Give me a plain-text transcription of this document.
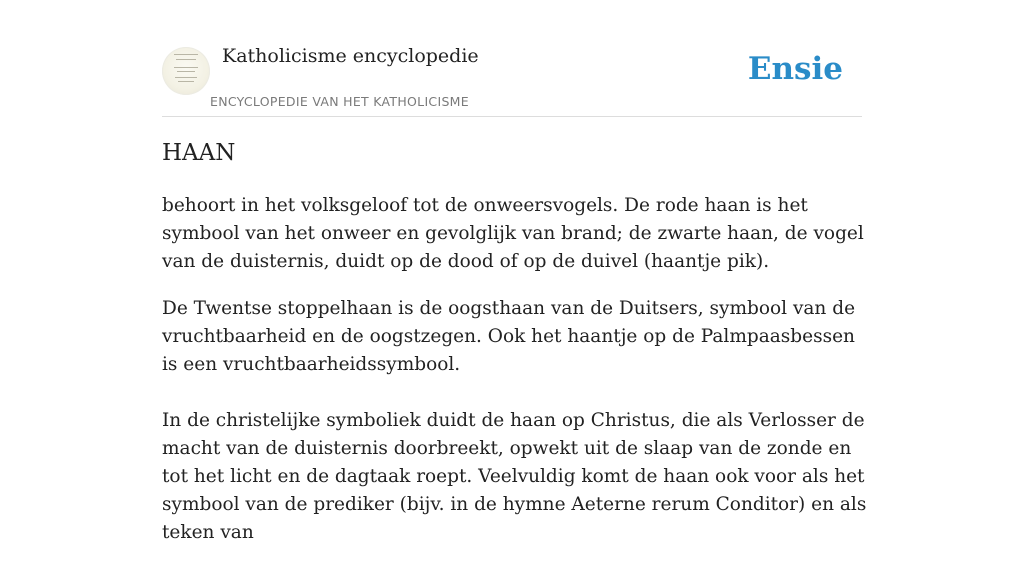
Katholicisme encyclopedie
ENCYCLOPEDIE VAN HET KATHOLICISME
Ensie
HAAN

behoort in het volksgeloof tot de onweersvogels. De rode haan is het symbool van het onweer en gevolglijk van brand; de zwarte haan, de vogel van de duisternis, duidt op de dood of op de duivel (haantje pik).

De Twentse stoppelhaan is de oogsthaan van de Duitsers, symbool van de vruchtbaarheid en de oogstzegen. Ook het haantje op de Palmpaasbessen is een vruchtbaarheidssymbool.

In de christelijke symboliek duidt de haan op Christus, die als Verlosser de macht van de duisternis doorbreekt, opwekt uit de slaap van de zonde en tot het licht en de dagtaak roept. Veelvuldig komt de haan ook voor als het symbool van de prediker (bijv. in de hymne Aeterne rerum Conditor) en als teken van
